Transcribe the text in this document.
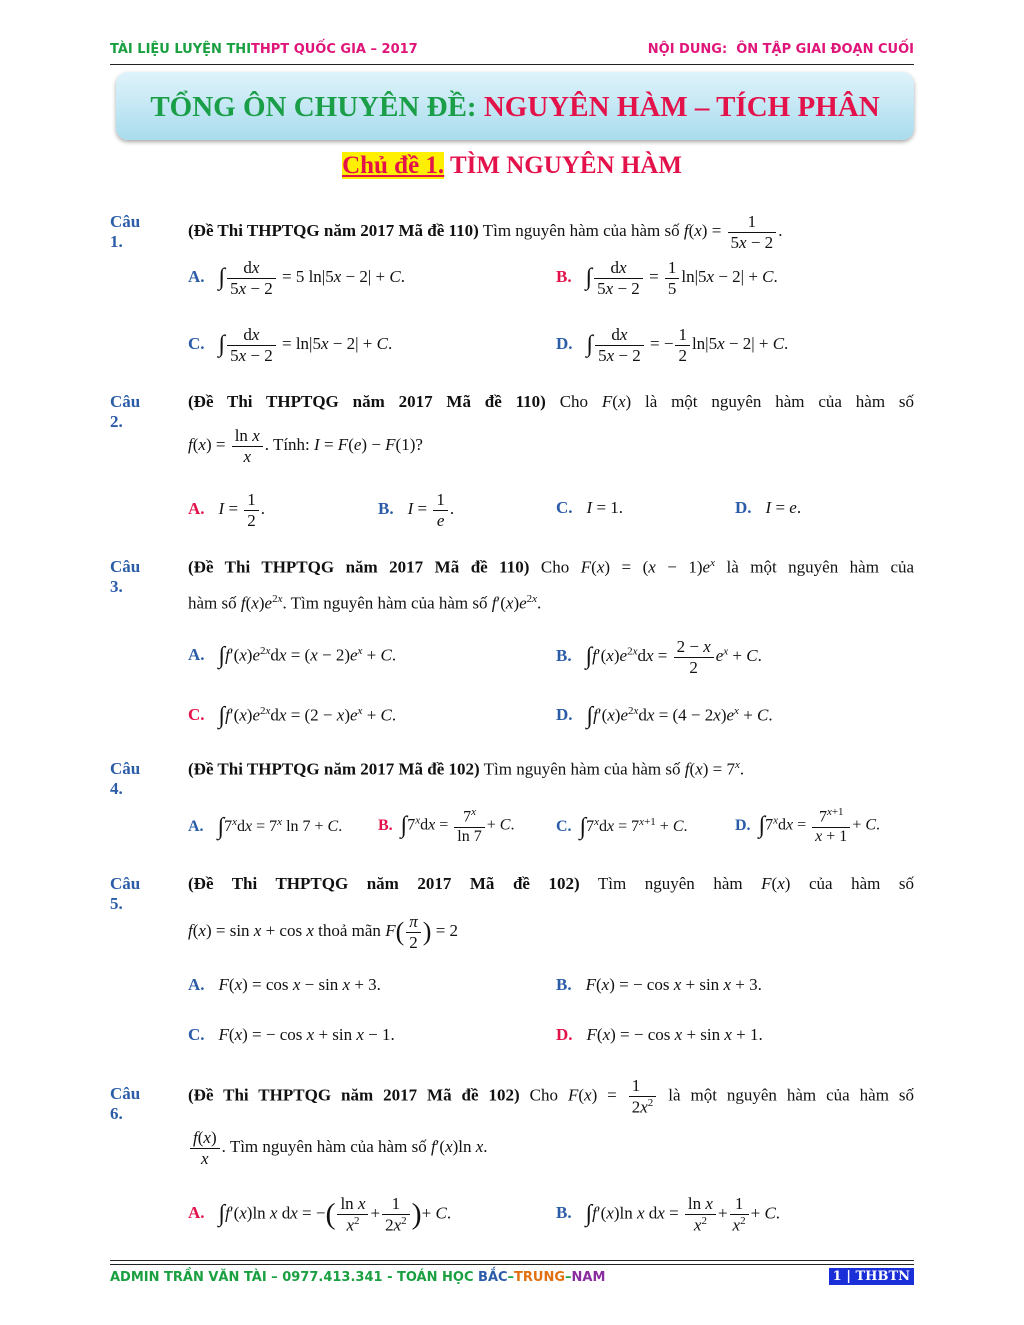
TÀI LIỆU LUYỆN THITHPT QUỐC GIA – 2017	NỘI DUNG: ÔN TẬP GIAI ĐOẠN CUỐI
TỔNG ÔN CHUYÊN ĐỀ: NGUYÊN HÀM – TÍCH PHÂN
Chủ đề 1. TÌM NGUYÊN HÀM
Câu 1.
(Đề Thi THPTQG năm 2017 Mã đề 110) Tìm nguyên hàm của hàm số $f(x) = \frac{1}{5x - 2}$ .
A. ∫ $\frac{dx}{5x - 2} = 5$ ln|5x − 2| + C.	B. ∫ $\frac{dx}{5x - 2} = \frac{1}{5} \ln|5x - 2| + C$.
C. ∫ $\frac{dx}{5x - 2} = \ln|5x - 2| + C$.	D. ∫ $\frac{dx}{5x - 2}$ = − $\frac{1}{2} \ln|5x - 2| + C$.
Câu 2.
(Đề Thi THPTQG năm 2017 Mã đề 110) Cho F(x) là một nguyên hàm của hàm số
$f(x) = \frac{\text{ln x}}{x}$ . Tính: I = F(e) − F(1)?
A. $I = \frac{1}{2}$ .	B. $I = \frac{1}{e}$ .	C. I = 1.	D. I = e.
Câu 3.
(Đề Thi THPTQG năm 2017 Mã đề 110) Cho $F(x) = (x - 1)e^x$ là một nguyên hàm của
hàm số $f(x)e^{2x}$. Tìm nguyên hàm của hàm số $f'(x)e^{2x}$.
A. $\int f'(x)e^{2x}dx = (x - 2)e^x + C$.	B. $\int f'(x)e^{2x}dx = \frac{2 - x}{2} e^x + C$.
C. $\int f'(x)e^{2x}dx = (2 - x)e^x + C$.	D. $\int f'(x)e^{2x}dx = (4 - 2x)e^x + C$.
Câu 4.
(Đề Thi THPTQG năm 2017 Mã đề 102) Tìm nguyên hàm của hàm số $f(x) = 7^x$.
A. $\int 7^xdx = 7^x$ ln 7 + C. B. $\int 7^xdx = \frac{7^x}{\ln 7} + C$.	C. $\int 7^xdx = 7^{x+1} + C$.	D. $\int 7^xdx = \frac{7^{x+1}}{x + 1} + C$.
Câu 5.
(Đề Thi THPTQG năm 2017 Mã đề 102) Tìm nguyên hàm F(x) của hàm số
f(x) = sin x + cos x thoả mãn $F( \frac{\pi}{2}$ ) = 2
A. F(x) = cos x − sin x + 3.	B. F(x) = − cos x + sin x + 3.
C. F(x) = − cos x + sin x − 1.	D. F(x) = − cos x + sin x + 1.
Câu 6.
(Đề Thi THPTQG năm 2017 Mã đề 102) Cho $F(x) = \frac{1}{2x^2}$ là một nguyên hàm của hàm số
$\frac{f(x)}{x}$ . Tìm nguyên hàm của hàm số f′(x)ln x.
A. ∫f′(x)ln x dx = −( $\frac{\text{ln x}}{x^2} + \frac{1}{2x^2}$ )+ C.	B. ∫f′(x)ln x dx = $\frac{\text{ln x}}{x^2} + \frac{1}{x^2} + C$.
ADMIN TRẦN VĂN TÀI – 0977.413.341 - TOÁN HỌC BẮC–TRUNG–NAM	1 | THBTN
